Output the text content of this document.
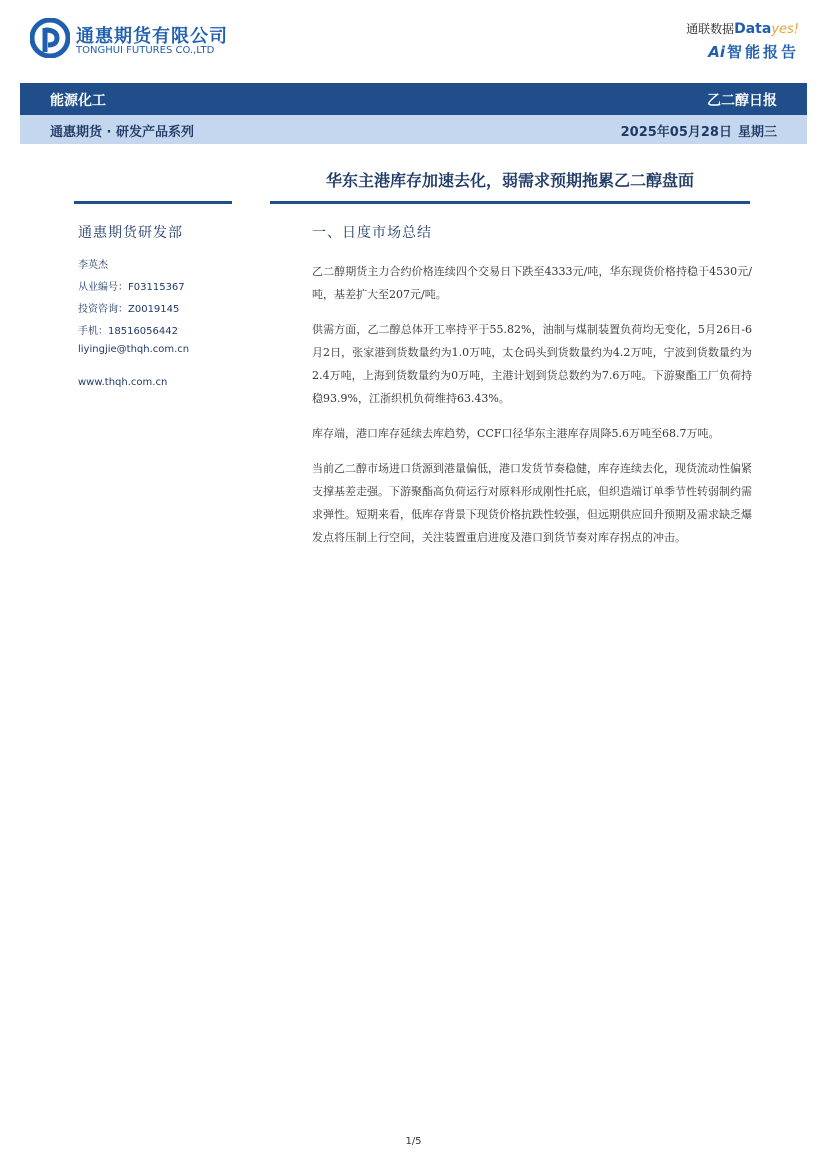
通惠期货有限公司
TONGHUI FUTURES CO.,LTD
通联数据Datayes!
Ai 智能报告
能源化工	乙二醇日报
通惠期货 · 研发产品系列	2025年05月28日 星期三
华东主港库存加速去化，弱需求预期拖累乙二醇盘面
通惠期货研发部
李英杰
从业编号：F03115367
投资咨询：Z0019145
手机：18516056442
liyingjie@thqh.com.cn
www.thqh.com.cn
一、日度市场总结

乙二醇期货主力合约价格连续四个交易日下跌至4333元/吨，华东现货价格持稳于4530元/吨，基差扩大至207元/吨。

供需方面，乙二醇总体开工率持平于55.82%，油制与煤制装置负荷均无变化，5月26日-6月2日，张家港到货数量约为1.0万吨，太仓码头到货数量约为4.2万吨，宁波到货数量约为2.4万吨，上海到货数量约为0万吨，主港计划到货总数约为7.6万吨。下游聚酯工厂负荷持稳93.9%，江浙织机负荷维持63.43%。

库存端，港口库存延续去库趋势，CCF口径华东主港库存周降5.6万吨至68.7万吨。

当前乙二醇市场进口货源到港量偏低，港口发货节奏稳健，库存连续去化，现货流动性偏紧支撑基差走强。下游聚酯高负荷运行对原料形成刚性托底，但织造端订单季节性转弱制约需求弹性。短期来看，低库存背景下现货价格抗跌性较强，但远期供应回升预期及需求缺乏爆发点将压制上行空间，关注装置重启进度及港口到货节奏对库存拐点的冲击。

1/5
